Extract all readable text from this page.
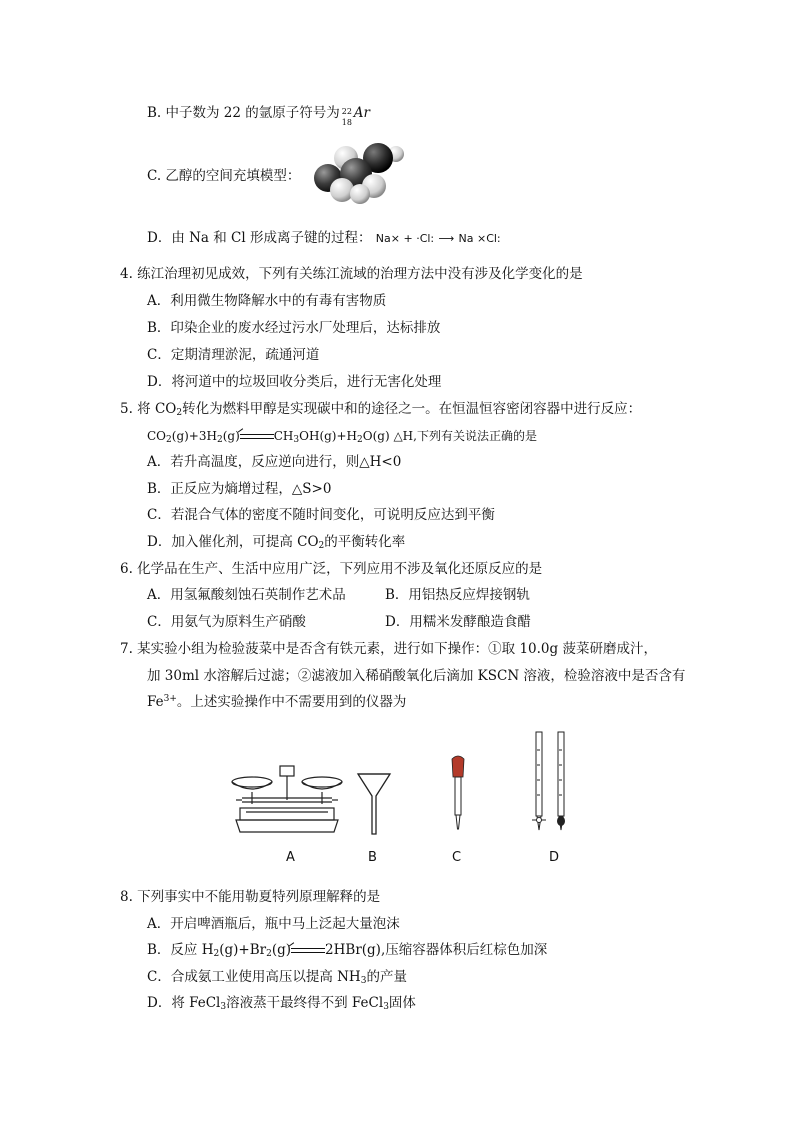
B. 中子数为 22 的氩原子符号为 22
18
Ar
C. 乙醇的空间充填模型：
D．由 Na 和 Cl 形成离子键的过程： Na× + ·Cl: ⟶ Na ×Cl:
4. 练江治理初见成效，下列有关练江流域的治理方法中没有涉及化学变化的是
A．利用微生物降解水中的有毒有害物质
B．印染企业的废水经过污水厂处理后，达标排放
C．定期清理淤泥，疏通河道
D．将河道中的垃圾回收分类后，进行无害化处理
5. 将 $CO_2$转化为燃料甲醇是实现碳中和的途径之一。在恒温恒容密闭容器中进行反应：
$CO_2(g)+3H_2(g)$	$CH_3OH(g)+H_2O(g)$ △H,下列有关说法正确的是
A．若升高温度，反应逆向进行，则△H<0
B．正反应为熵增过程，△S>0
C．若混合气体的密度不随时间变化，可说明反应达到平衡
D．加入催化剂，可提高 $CO_2$的平衡转化率
6. 化学品在生产、生活中应用广泛，下列应用不涉及氧化还原反应的是
A．用氢氟酸刻蚀石英制作艺术品	B．用铝热反应焊接钢轨
C．用氨气为原料生产硝酸	D．用糯米发酵酿造食醋
7. 某实验小组为检验菠菜中是否含有铁元素，进行如下操作：①取 10.0g 菠菜研磨成汁，
加 30ml 水溶解后过滤；②滤液加入稀硝酸氧化后滴加 KSCN 溶液，检验溶液中是否含有
$Fe^{3+}$。上述实验操作中不需要用到的仪器为
A	B	C	D
8. 下列事实中不能用勒夏特列原理解释的是
A．开启啤酒瓶后，瓶中马上泛起大量泡沫
B．反应 $H_2(g)+Br_2(g)$	2HBr(g),压缩容器体积后红棕色加深
C．合成氨工业使用高压以提高 $NH_3$的产量
D．将 FeCl$_3$溶液蒸干最终得不到 FeCl$_3$固体
